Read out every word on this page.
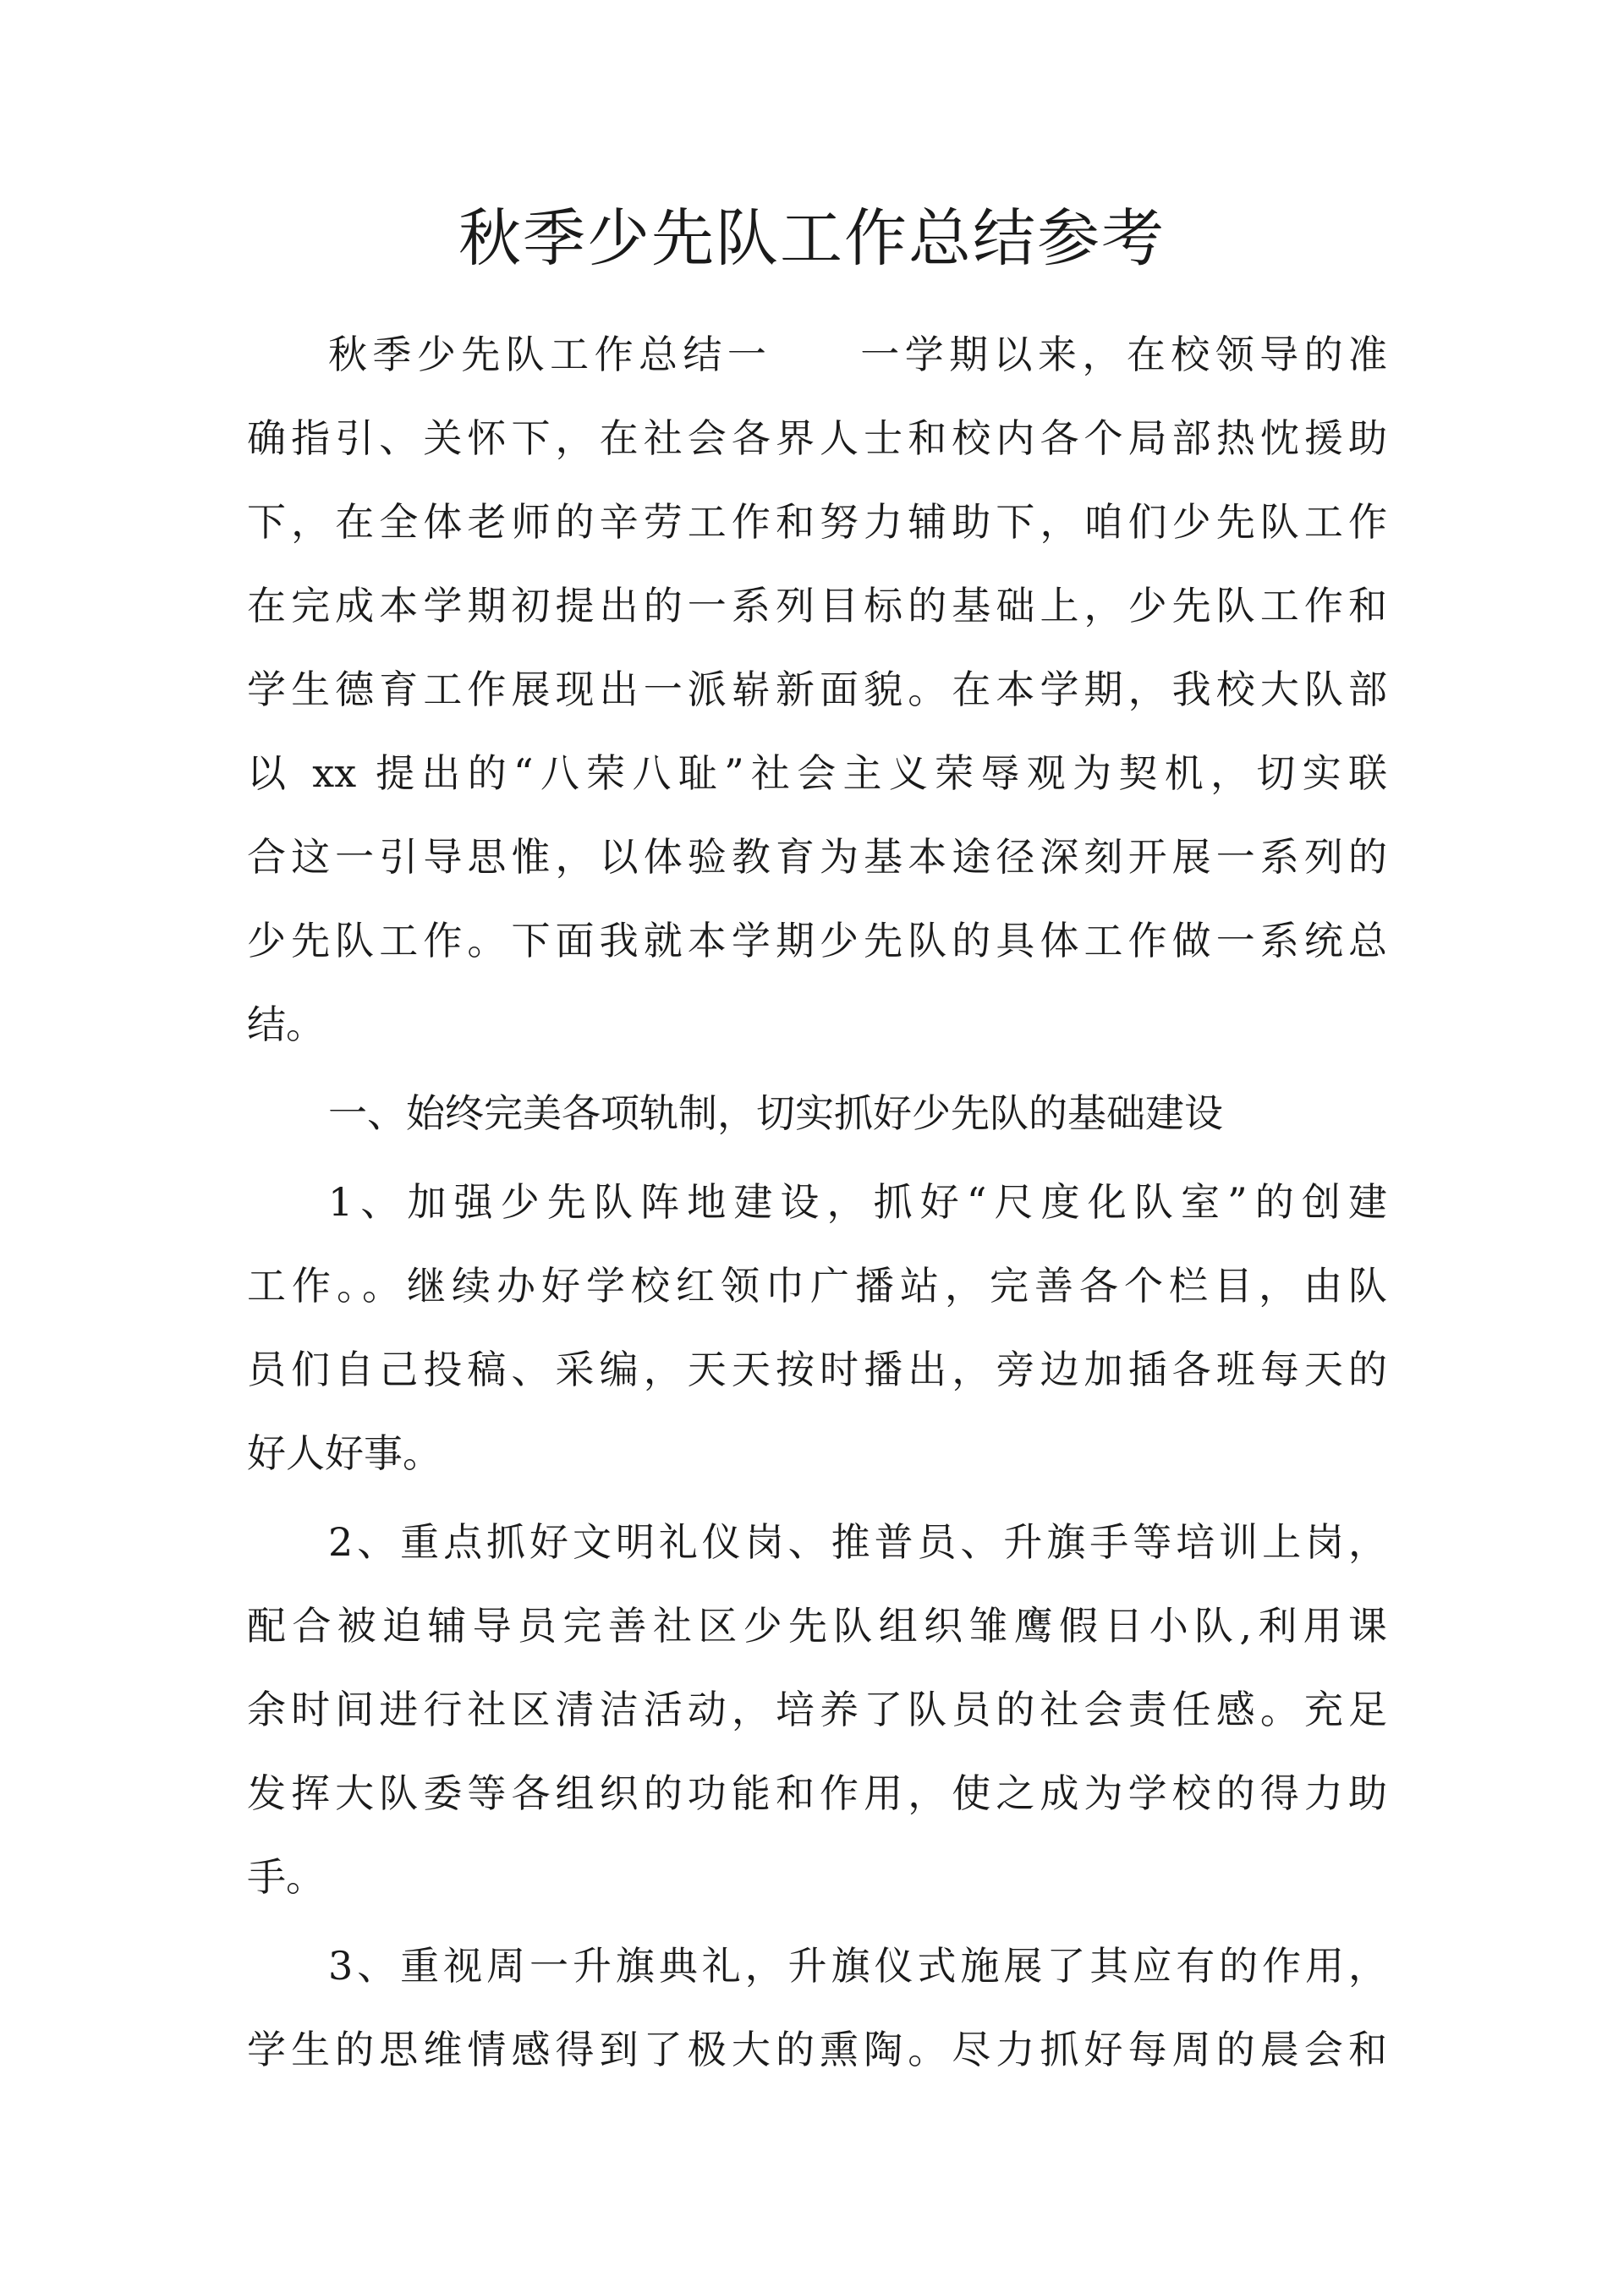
秋季少先队工作总结参考
秋季少先队工作总结一　　一学期以来，在校领导的准
确指引、关怀下，在社会各界人士和校内各个局部热忱援助
下，在全体老师的辛劳工作和努力辅助下，咱们少先队工作
在完成本学期初提出的一系列目标的基础上，少先队工作和
学生德育工作展现出一派崭新面貌。在本学期，我校大队部
以 xx 提出的“八荣八耻”社会主义荣辱观为契机，切实联
合这一引导思惟，以体验教育为基本途径深刻开展一系列的
少先队工作。下面我就本学期少先队的具体工作做一系统总
结。
一、始终完美各项轨制，切实抓好少先队的基础建设
1、加强少先队阵地建设，抓好“尺度化队室”的创建
工作。。继续办好学校红领巾广播站，完善各个栏目，由队
员们自己投稿、采编，天天按时播出，旁边加插各班每天的
好人好事。
2、重点抓好文明礼仪岗、推普员、升旗手等培训上岗，
配合被迫辅导员完善社区少先队组织雏鹰假日小队,利用课
余时间进行社区清洁活动，培养了队员的社会责任感。充足
发挥大队委等各组织的功能和作用，使之成为学校的得力助
手。
3、重视周一升旗典礼，升旗仪式施展了其应有的作用，
学生的思维情感得到了极大的熏陶。尽力抓好每周的晨会和
